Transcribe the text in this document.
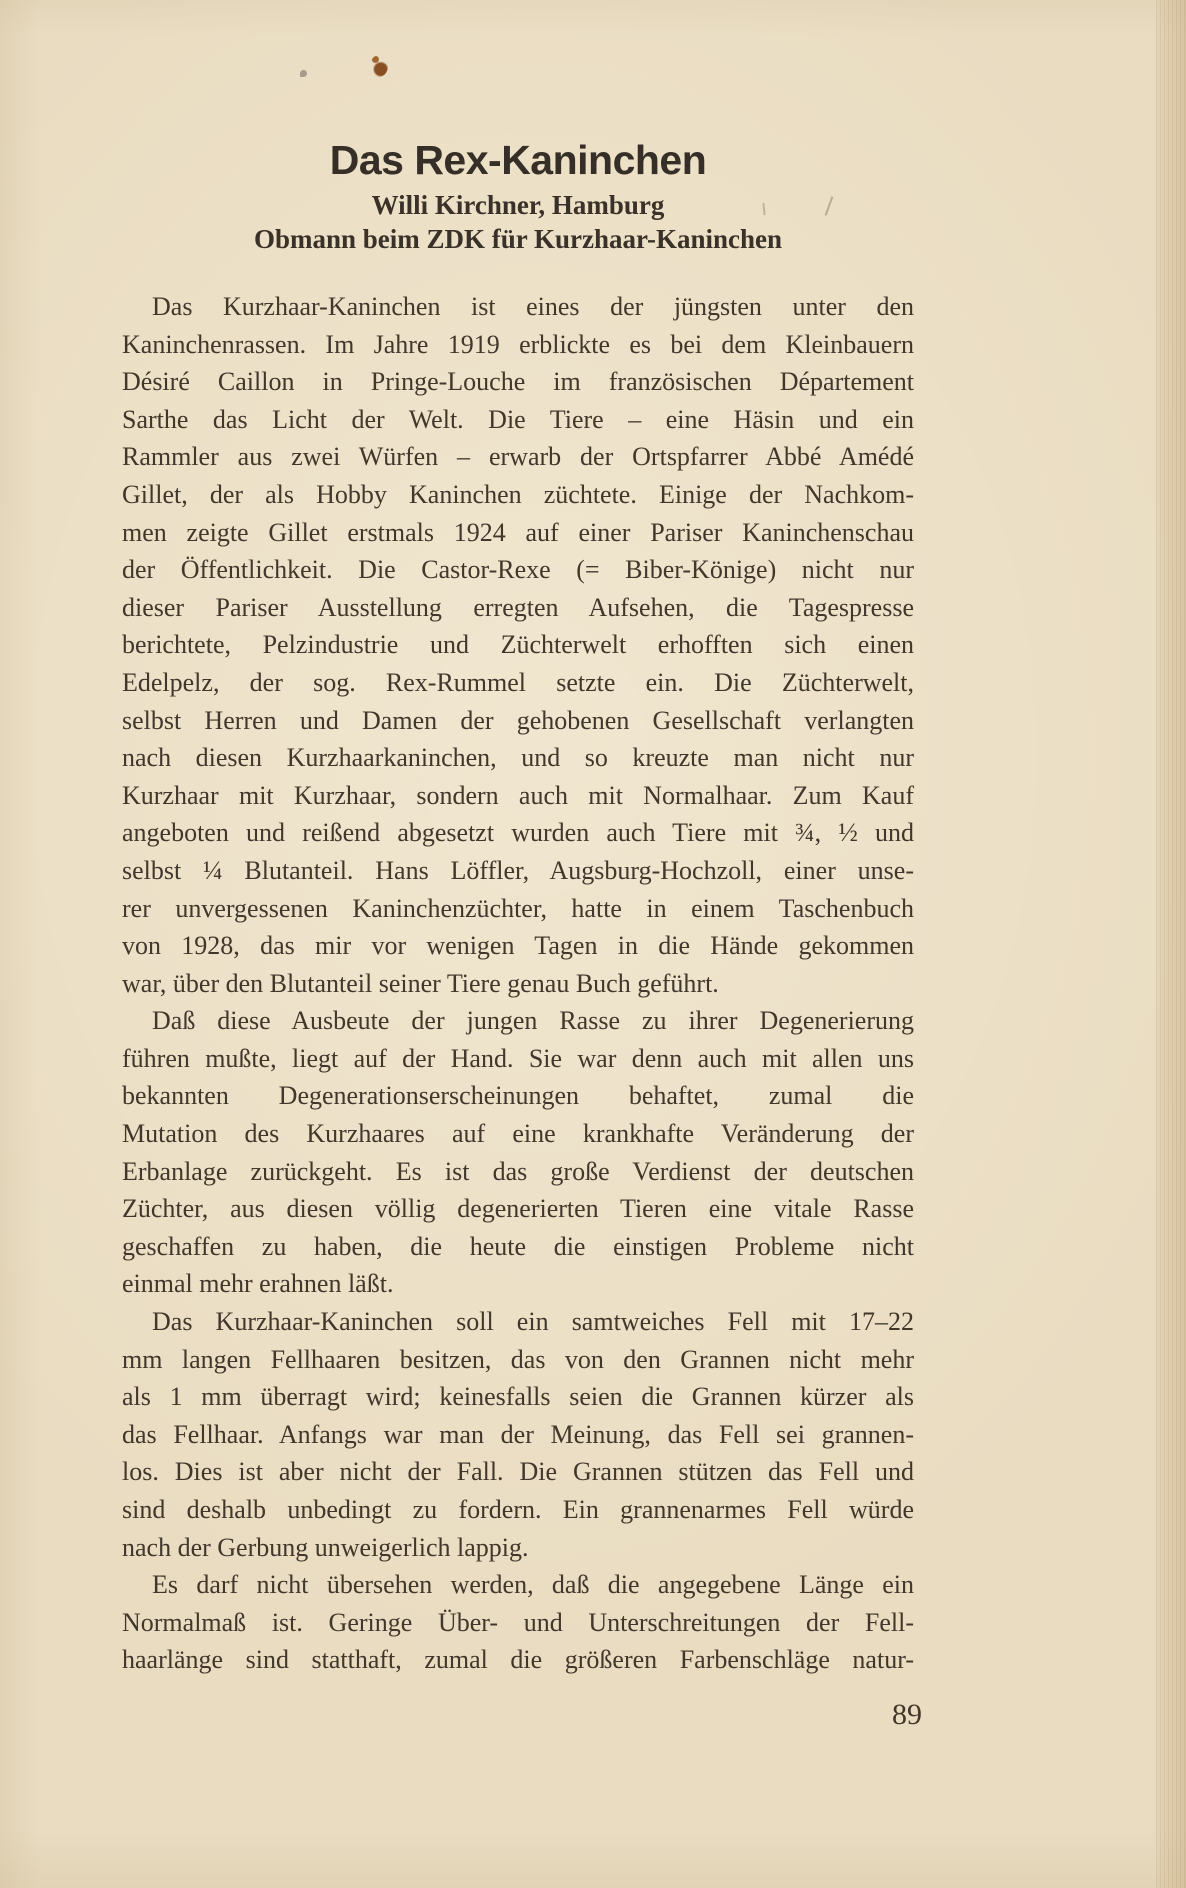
Das Rex-Kaninchen
Willi Kirchner, Hamburg
Obmann beim ZDK für Kurzhaar-Kaninchen
Das Kurzhaar-Kaninchen ist eines der jüngsten unter den
Kaninchenrassen. Im Jahre 1919 erblickte es bei dem Kleinbauern
Désiré Caillon in Pringe-Louche im französischen Département
Sarthe das Licht der Welt. Die Tiere – eine Häsin und ein
Rammler aus zwei Würfen – erwarb der Ortspfarrer Abbé Amédé
Gillet, der als Hobby Kaninchen züchtete. Einige der Nachkom-
men zeigte Gillet erstmals 1924 auf einer Pariser Kaninchenschau
der Öffentlichkeit. Die Castor-Rexe (= Biber-Könige) nicht nur
dieser Pariser Ausstellung erregten Aufsehen, die Tagespresse
berichtete, Pelzindustrie und Züchterwelt erhofften sich einen
Edelpelz, der sog. Rex-Rummel setzte ein. Die Züchterwelt,
selbst Herren und Damen der gehobenen Gesellschaft verlangten
nach diesen Kurzhaarkaninchen, und so kreuzte man nicht nur
Kurzhaar mit Kurzhaar, sondern auch mit Normalhaar. Zum Kauf
angeboten und reißend abgesetzt wurden auch Tiere mit ¾, ½ und
selbst ¼ Blutanteil. Hans Löffler, Augsburg-Hochzoll, einer unse-
rer unvergessenen Kaninchenzüchter, hatte in einem Taschenbuch
von 1928, das mir vor wenigen Tagen in die Hände gekommen
war, über den Blutanteil seiner Tiere genau Buch geführt.
Daß diese Ausbeute der jungen Rasse zu ihrer Degenerierung
führen mußte, liegt auf der Hand. Sie war denn auch mit allen uns
bekannten Degenerationserscheinungen behaftet, zumal die
Mutation des Kurzhaares auf eine krankhafte Veränderung der
Erbanlage zurückgeht. Es ist das große Verdienst der deutschen
Züchter, aus diesen völlig degenerierten Tieren eine vitale Rasse
geschaffen zu haben, die heute die einstigen Probleme nicht
einmal mehr erahnen läßt.
Das Kurzhaar-Kaninchen soll ein samtweiches Fell mit 17–22
mm langen Fellhaaren besitzen, das von den Grannen nicht mehr
als 1 mm überragt wird; keinesfalls seien die Grannen kürzer als
das Fellhaar. Anfangs war man der Meinung, das Fell sei grannen-
los. Dies ist aber nicht der Fall. Die Grannen stützen das Fell und
sind deshalb unbedingt zu fordern. Ein grannenarmes Fell würde
nach der Gerbung unweigerlich lappig.
Es darf nicht übersehen werden, daß die angegebene Länge ein
Normalmaß ist. Geringe Über- und Unterschreitungen der Fell-
haarlänge sind statthaft, zumal die größeren Farbenschläge natur-
89
